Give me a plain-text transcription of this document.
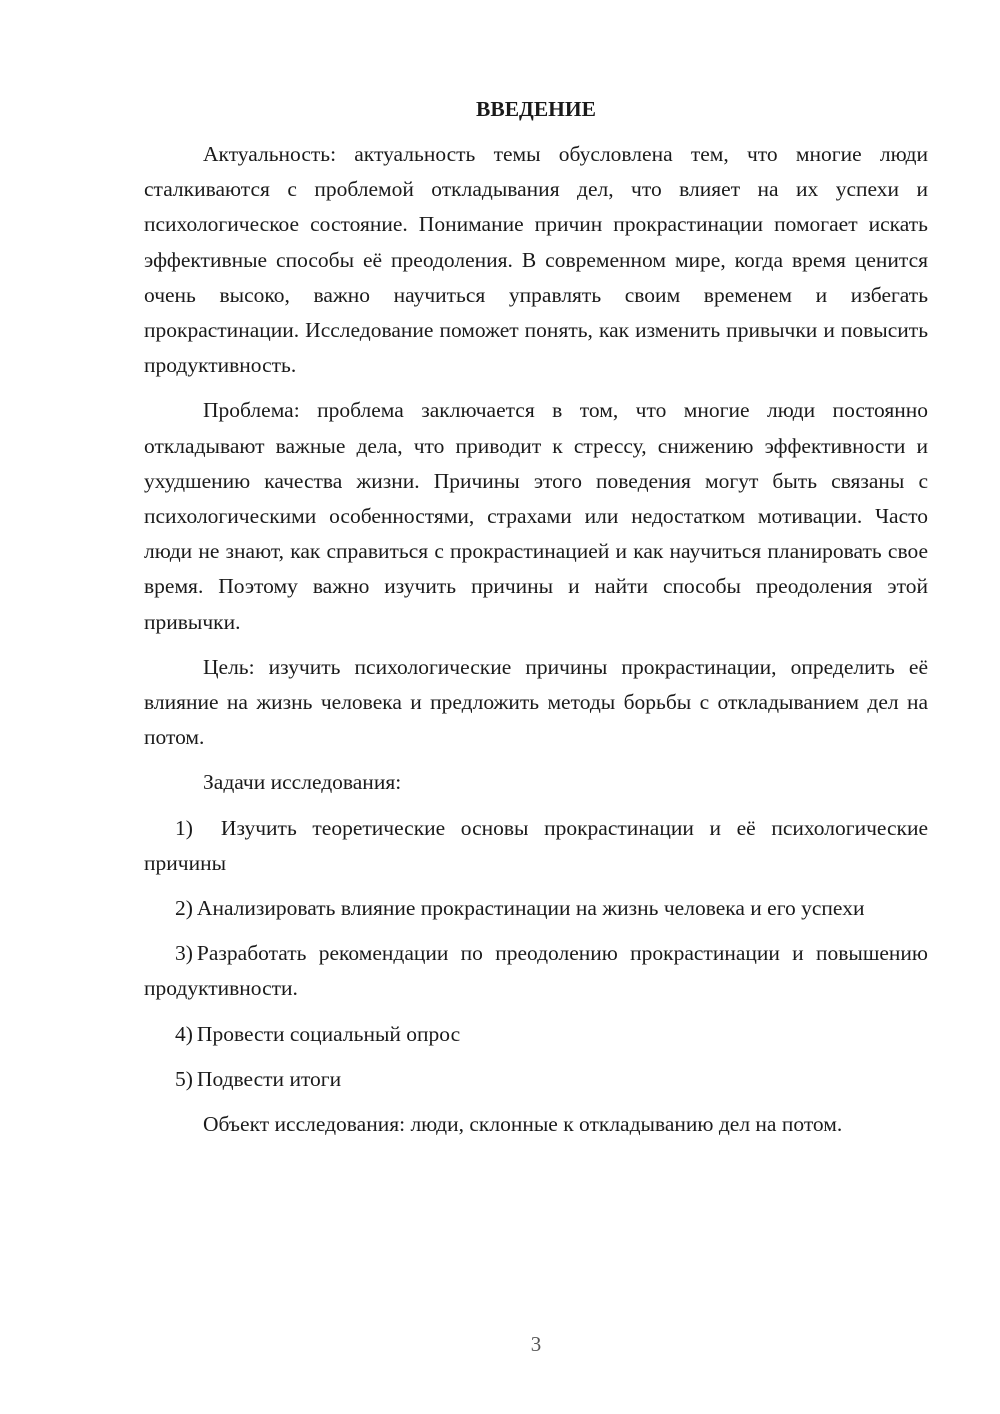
ВВЕДЕНИЕ

Актуальность: актуальность темы обусловлена тем, что многие люди сталкиваются с проблемой откладывания дел, что влияет на их успехи и психологическое состояние. Понимание причин прокрастинации помогает искать эффективные способы её преодоления. В современном мире, когда время ценится очень высоко, важно научиться управлять своим временем и избегать прокрастинации. Исследование поможет понять, как изменить привычки и повысить продуктивность.

Проблема: проблема заключается в том, что многие люди постоянно откладывают важные дела, что приводит к стрессу, снижению эффективности и ухудшению качества жизни. Причины этого поведения могут быть связаны с психологическими особенностями, страхами или недостатком мотивации. Часто люди не знают, как справиться с прокрастинацией и как научиться планировать свое время. Поэтому важно изучить причины и найти способы преодоления этой привычки.

Цель: изучить психологические причины прокрастинации, определить её влияние на жизнь человека и предложить методы борьбы с откладыванием дел на потом.

Задачи исследования:

1) Изучить теоретические основы прокрастинации и её психологические причины

2) Анализировать влияние прокрастинации на жизнь человека и его успехи

3) Разработать рекомендации по преодолению прокрастинации и повышению продуктивности.

4) Провести социальный опрос

5) Подвести итоги

Объект исследования: люди, склонные к откладыванию дел на потом.

3
